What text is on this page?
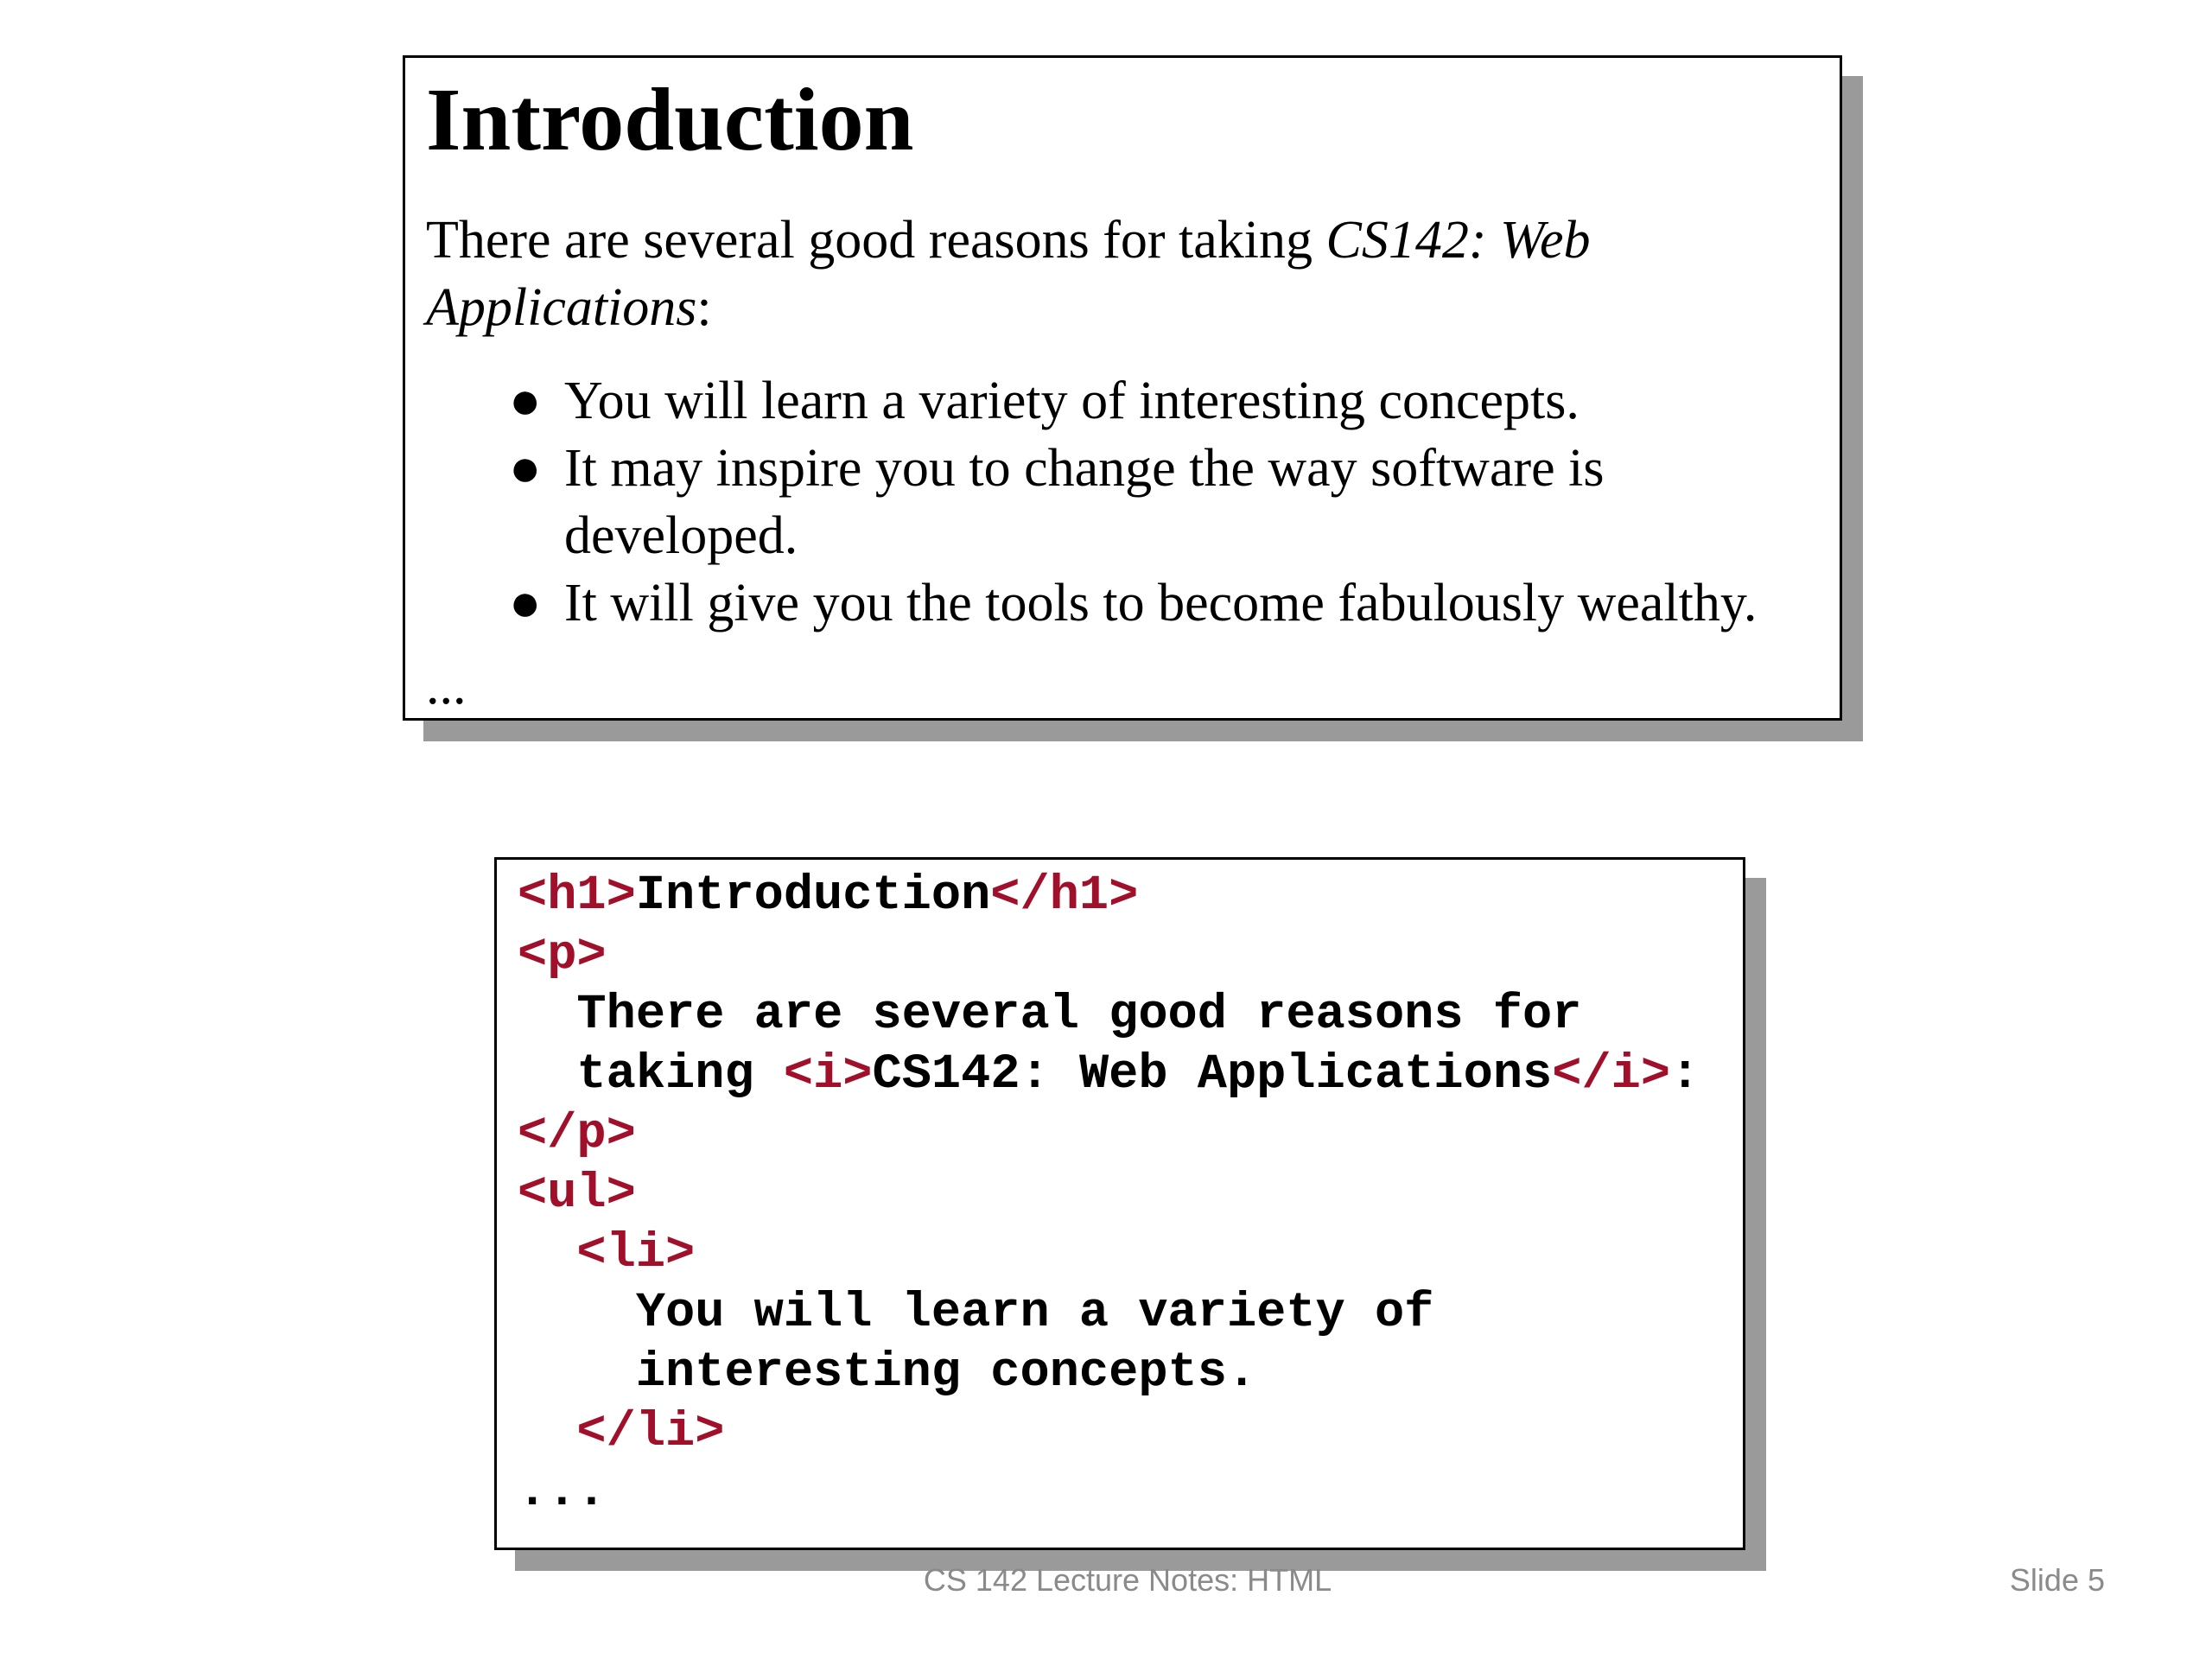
Introduction

There are several good reasons for taking CS142: Web Applications:

● You will learn a variety of interesting concepts.
● It may inspire you to change the way software is developed.
● It will give you the tools to become fabulously wealthy.

...

<h1>Introduction</h1>
<p>
There are several good reasons for
taking <i>CS142: Web Applications</i>:
</p>
<ul>
<li>
You will learn a variety of
interesting concepts.
</li>
...
CS 142 Lecture Notes: HTML	Slide 5
